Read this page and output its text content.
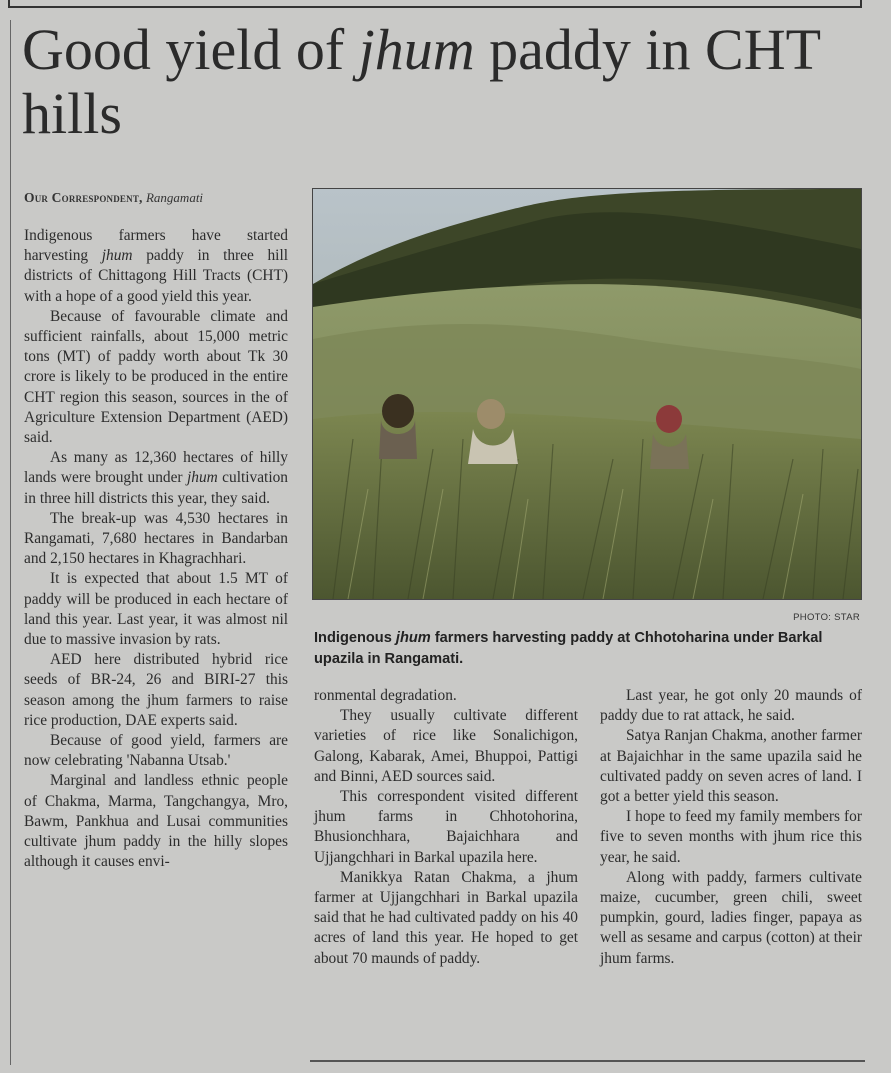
Good yield of jhum paddy in CHT hills
Our Correspondent, Rangamati

Indigenous farmers have started harvesting jhum paddy in three hill districts of Chittagong Hill Tracts (CHT) with a hope of a good yield this year.

Because of favourable climate and sufficient rainfalls, about 15,000 metric tons (MT) of paddy worth about Tk 30 crore is likely to be produced in the entire CHT region this season, sources in the of Agriculture Extension Department (AED) said.

As many as 12,360 hectares of hilly lands were brought under jhum cultivation in three hill districts this year, they said.

The break-up was 4,530 hectares in Rangamati, 7,680 hectares in Bandarban and 2,150 hectares in Khagrachhari.

It is expected that about 1.5 MT of paddy will be produced in each hectare of land this year. Last year, it was almost nil due to massive invasion by rats.

AED here distributed hybrid rice seeds of BR-24, 26 and BIRI-27 this season among the jhum farmers to raise rice production, DAE experts said.

Because of good yield, farmers are now celebrating 'Nabanna Utsab.'

Marginal and landless ethnic people of Chakma, Marma, Tangchangya, Mro, Bawm, Pankhua and Lusai communities cultivate jhum paddy in the hilly slopes although it causes envi-

PHOTO: STAR
Indigenous jhum farmers harvesting paddy at Chhotoharina under Barkal upazila in Rangamati.

ronmental degradation.

They usually cultivate different varieties of rice like Sonalichigon, Galong, Kabarak, Amei, Bhuppoi, Pattigi and Binni, AED sources said.

This correspondent visited different jhum farms in Chhotohorina, Bhusionchhara, Bajaichhara and Ujjangchhari in Barkal upazila here.

Manikkya Ratan Chakma, a jhum farmer at Ujjangchhari in Barkal upazila said that he had cultivated paddy on his 40 acres of land this year. He hoped to get about 70 maunds of paddy.

Last year, he got only 20 maunds of paddy due to rat attack, he said.

Satya Ranjan Chakma, another farmer at Bajaichhar in the same upazila said he cultivated paddy on seven acres of land. I got a better yield this season.

I hope to feed my family members for five to seven months with jhum rice this year, he said.

Along with paddy, farmers cultivate maize, cucumber, green chili, sweet pumpkin, gourd, ladies finger, papaya as well as sesame and carpus (cotton) at their jhum farms.
